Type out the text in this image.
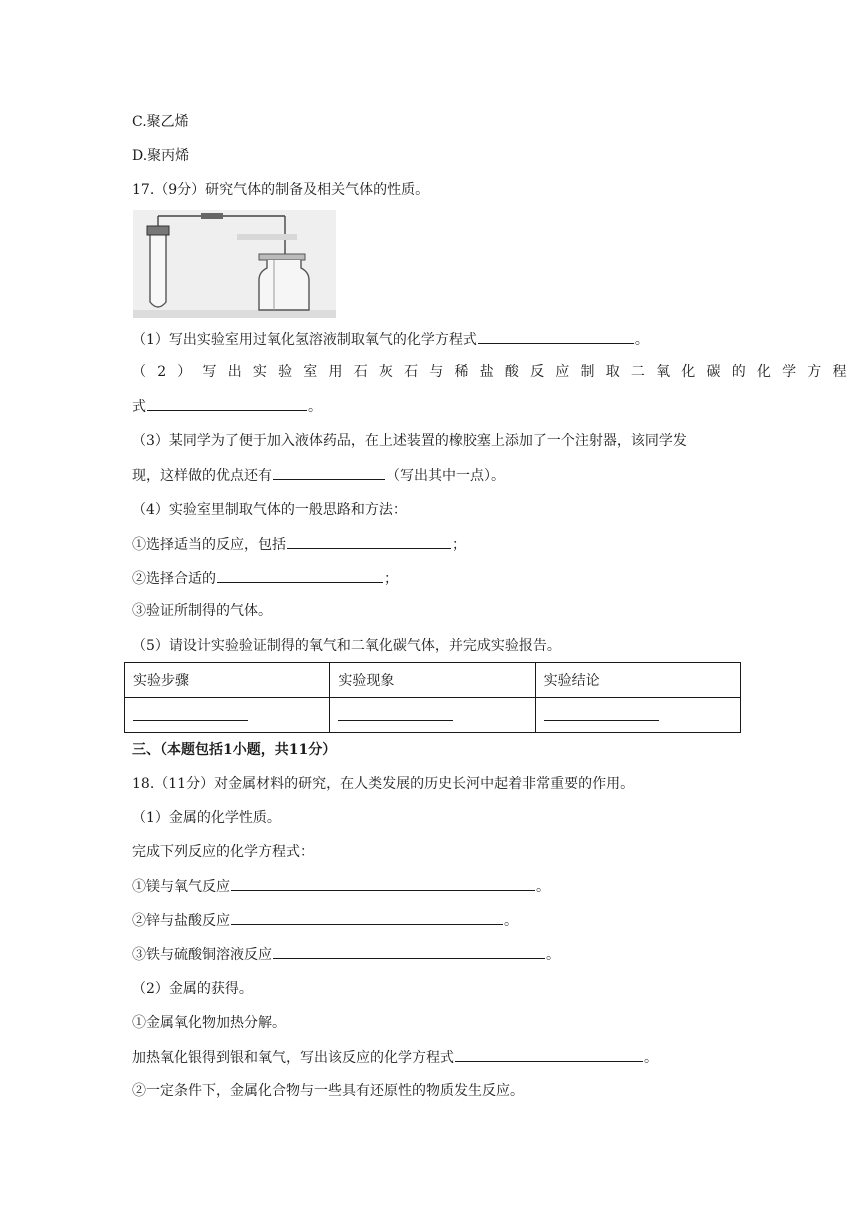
C.聚乙烯
D.聚丙烯
17.（9分）研究气体的制备及相关气体的性质。
（1）写出实验室用过氧化氢溶液制取氧气的化学方程式	。
（2）写出实验室用石灰石与稀盐酸反应制取二氧化碳的化学方程
式	。
（3）某同学为了便于加入液体药品，在上述装置的橡胶塞上添加了一个注射器，该同学发
现，这样做的优点还有	（写出其中一点）。
（4）实验室里制取气体的一般思路和方法：
①选择适当的反应，包括	；
②选择合适的	；
③验证所制得的气体。
（5）请设计实验验证制得的氧气和二氧化碳气体，并完成实验报告。
实验步骤	实验现象	实验结论

三、（本题包括1小题，共11分）
18.（11分）对金属材料的研究，在人类发展的历史长河中起着非常重要的作用。
（1）金属的化学性质。
完成下列反应的化学方程式：
①镁与氧气反应	。
②锌与盐酸反应	。
③铁与硫酸铜溶液反应	。
（2）金属的获得。
①金属氧化物加热分解。
加热氧化银得到银和氧气，写出该反应的化学方程式	。
②一定条件下，金属化合物与一些具有还原性的物质发生反应。
